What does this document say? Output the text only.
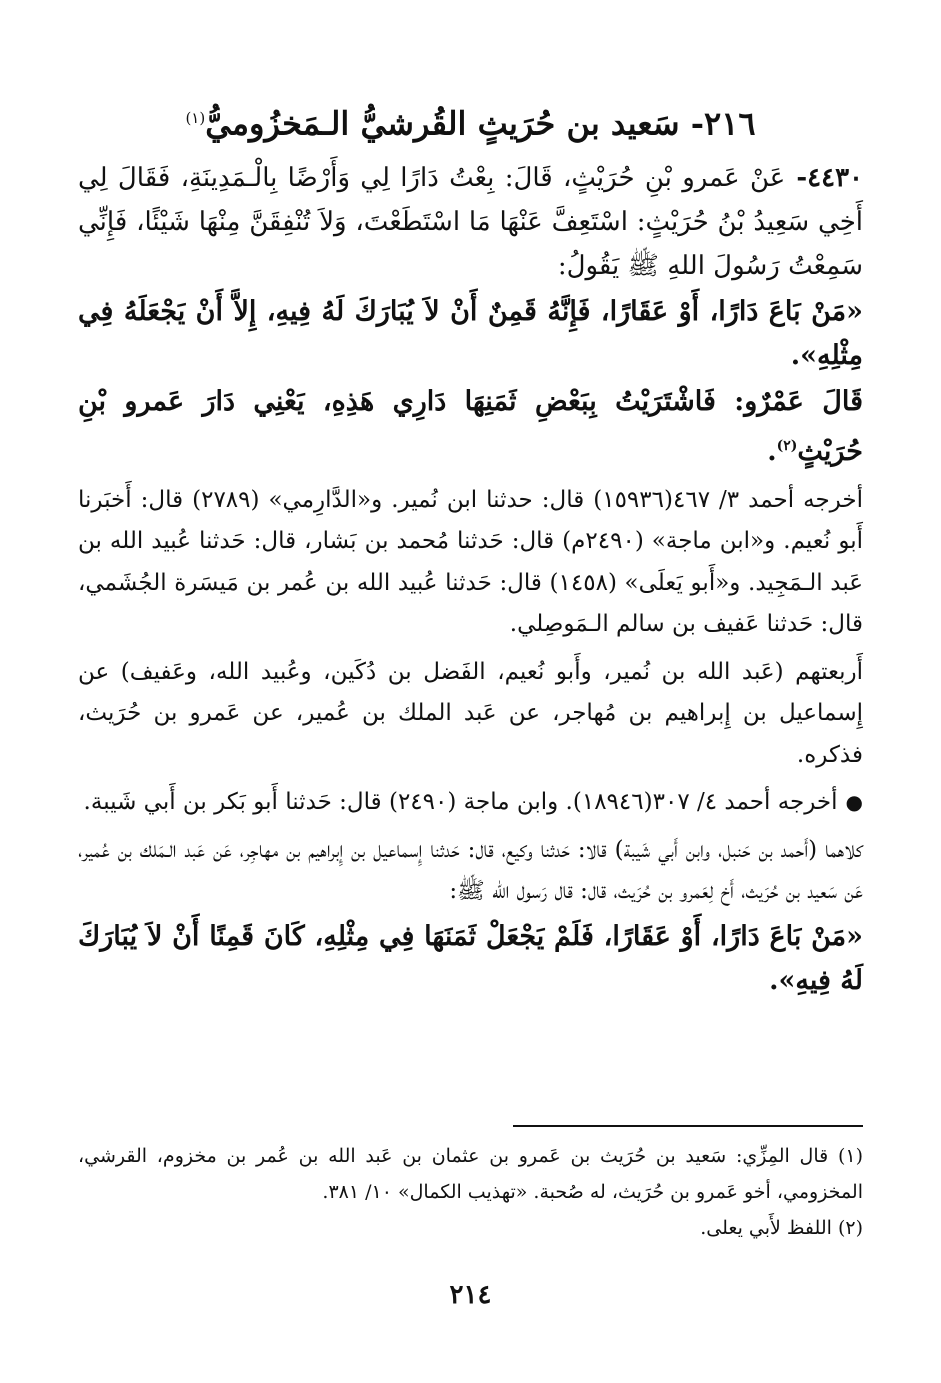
٢١٦- سَعيد بن حُرَيثٍ القُرشيُّ الـمَخزُوميُّ$^{(١)}$

٤٤٣٠- عَنْ عَمرو بْنِ حُرَيْثٍ، قَالَ: بِعْتُ دَارًا لِي وَأَرْضًا بِالْـمَدِينَةِ، فَقَالَ لِي أَخِي سَعِيدُ بْنُ حُرَيْثٍ: اسْتَعِفَّ عَنْهَا مَا اسْتَطَعْتَ، وَلاَ تُنْفِقَنَّ مِنْهَا شَيْئًا، فَإِنِّي سَمِعْتُ رَسُولَ اللهِ ﷺ يَقُولُ:

«مَنْ بَاعَ دَارًا، أَوْ عَقَارًا، فَإِنَّهُ قَمِنٌ أَنْ لاَ يُبَارَكَ لَهُ فِيهِ، إِلاَّ أَنْ يَجْعَلَهُ فِي مِثْلِهِ».

قَالَ عَمْرٌو: فَاشْتَرَيْتُ بِبَعْضِ ثَمَنِهَا دَارِي هَذِهِ، يَعْنِي دَارَ عَمرو بْنِ حُرَيْثٍ$^{(٢)}$.

أخرجه أحمد ٣/ ٤٦٧(١٥٩٣٦) قال: حدثنا ابن نُمير. و«الدَّارِمي» (٢٧٨٩) قال: أَخبَرنا أَبو نُعيم. و«ابن ماجة» (٢٤٩٠م) قال: حَدثنا مُحمد بن بَشار، قال: حَدثنا عُبيد الله بن عَبد الـمَجِيد. و«أَبو يَعلَى» (١٤٥٨) قال: حَدثنا عُبيد الله بن عُمر بن مَيسَرة الجُشَمي، قال: حَدثنا عَفيف بن سالم الـمَوصِلي.

أَربعتهم (عَبد الله بن نُمير، وأَبو نُعيم، الفَضل بن دُكَين، وعُبيد الله، وعَفيف) عن إِسماعيل بن إِبراهيم بن مُهاجر، عن عَبد الملك بن عُمير، عن عَمرو بن حُرَيث، فذكره.

●أخرجه أحمد ٤/ ٣٠٧(١٨٩٤٦). وابن ماجة (٢٤٩٠) قال: حَدثنا أَبو بَكر بن أَبي شَيبة.

كلاهما (أَحمد بن حَنبل، وابن أَبي شَيبة) قالا: حَدثنا وكيع، قال: حَدثنا إِسماعيل بن إِبراهيم بن مهاجِر، عَن عَبد الـمَلك بن عُمير، عَن سَعيد بن حُرَيث، أَخ لِعَمرو بن حُرَيث، قال: قال رَسول الله ﷺ:

«مَنْ بَاعَ دَارًا، أَوْ عَقَارًا، فَلَمْ يَجْعَلْ ثَمَنَهَا فِي مِثْلِهِ، كَانَ قَمِنًا أَنْ لاَ يُبَارَكَ لَهُ فِيهِ».

(١) قال المِزِّي: سَعيد بن حُرَيث بن عَمرو بن عثمان بن عَبد الله بن عُمر بن مخزوم، القرشي، المخزومي، أخو عَمرو بن حُرَيث، له صُحبة. «تهذيب الكمال» ١٠/ ٣٨١.

(٢) اللفظ لأَبي يعلى.

٢١٤
